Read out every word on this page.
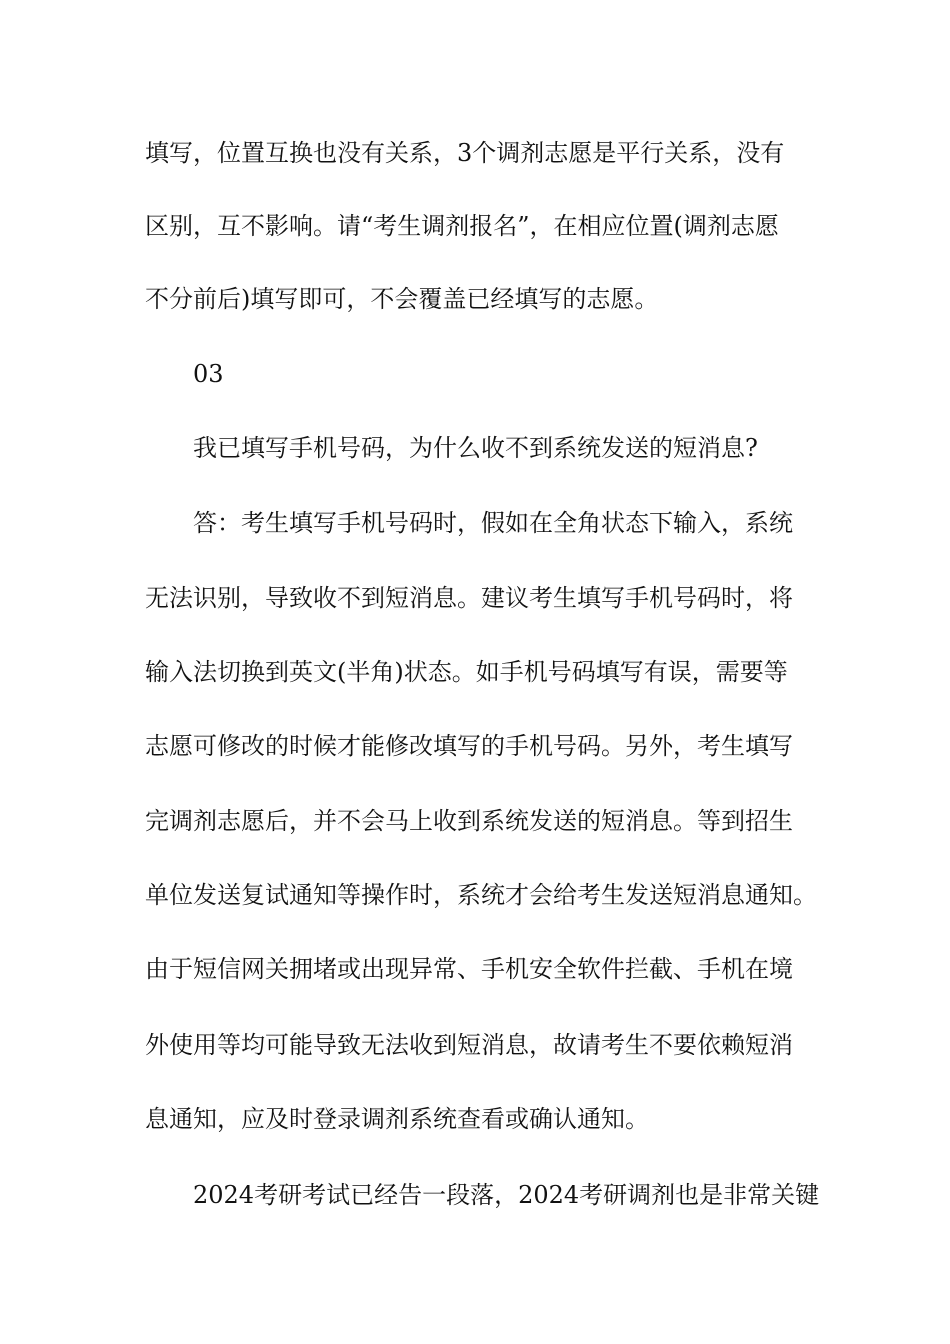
填写，位置互换也没有关系，3个调剂志愿是平行关系，没有
区别，互不影响。请“考生调剂报名”，在相应位置(调剂志愿
不分前后)填写即可，不会覆盖已经填写的志愿。
03
我已填写手机号码，为什么收不到系统发送的短消息?
答：考生填写手机号码时，假如在全角状态下输入，系统
无法识别，导致收不到短消息。建议考生填写手机号码时，将
输入法切换到英文(半角)状态。如手机号码填写有误，需要等
志愿可修改的时候才能修改填写的手机号码。另外，考生填写
完调剂志愿后，并不会马上收到系统发送的短消息。等到招生
单位发送复试通知等操作时，系统才会给考生发送短消息通知。
由于短信网关拥堵或出现异常、手机安全软件拦截、手机在境
外使用等均可能导致无法收到短消息，故请考生不要依赖短消
息通知，应及时登录调剂系统查看或确认通知。
2024考研考试已经告一段落，2024考研调剂也是非常关键
